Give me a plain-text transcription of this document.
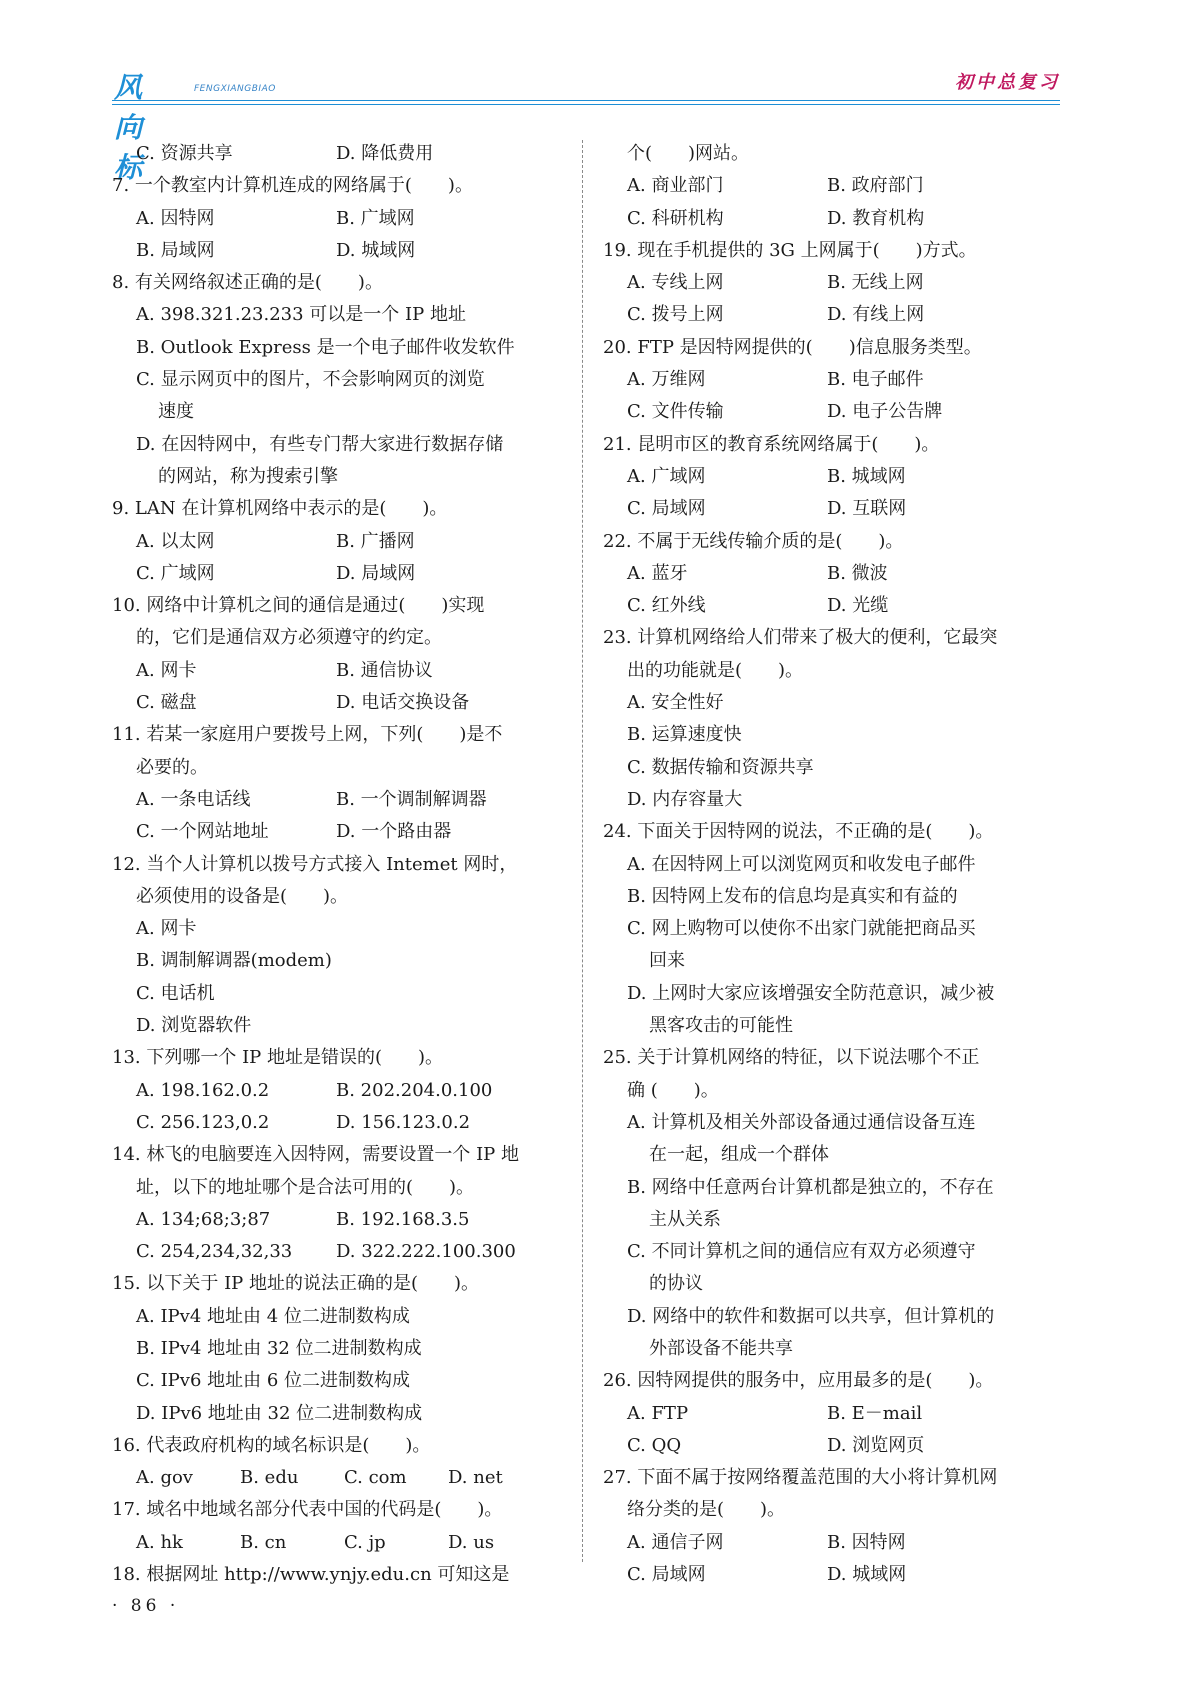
风向标
FENGXIANGBIAO	初中总复习
C. 资源共享	D. 降低费用
7. 一个教室内计算机连成的网络属于(　　)。
A. 因特网	B. 广域网
B. 局域网	D. 城域网
8. 有关网络叙述正确的是(　　)。
A. 398.321.23.233 可以是一个 IP 地址
B. Outlook Express 是一个电子邮件收发软件
C. 显示网页中的图片，不会影响网页的浏览
速度
D. 在因特网中，有些专门帮大家进行数据存储
的网站，称为搜索引擎
9. LAN 在计算机网络中表示的是(　　)。
A. 以太网	B. 广播网
C. 广域网	D. 局域网
10. 网络中计算机之间的通信是通过(　　)实现
的，它们是通信双方必须遵守的约定。
A. 网卡	B. 通信协议
C. 磁盘	D. 电话交换设备
11. 若某一家庭用户要拨号上网，下列(　　)是不
必要的。
A. 一条电话线	B. 一个调制解调器
C. 一个网站地址	D. 一个路由器
12. 当个人计算机以拨号方式接入 Intemet 网时，
必须使用的设备是(　　)。
A. 网卡
B. 调制解调器(modem)
C. 电话机
D. 浏览器软件
13. 下列哪一个 IP 地址是错误的(　　)。
A. 198.162.0.2	B. 202.204.0.100
C. 256.123,0.2	D. 156.123.0.2
14. 林飞的电脑要连入因特网，需要设置一个 IP 地
址，以下的地址哪个是合法可用的(　　)。
A. 134;68;3;87	B. 192.168.3.5
C. 254,234,32,33 D. 322.222.100.300
15. 以下关于 IP 地址的说法正确的是(　　)。
A. IPv4 地址由 4 位二进制数构成
B. IPv4 地址由 32 位二进制数构成
C. IPv6 地址由 6 位二进制数构成
D. IPv6 地址由 32 位二进制数构成
16. 代表政府机构的域名标识是(　　)。
A. gov	B. edu	C. com D. net
17. 域名中地域名部分代表中国的代码是(　　)。
A. hk	B. cn	C. jp	D. us
18. 根据网址 http://www.ynjy.edu.cn 可知这是
个(　　)网站。
A. 商业部门	B. 政府部门
C. 科研机构	D. 教育机构
19. 现在手机提供的 3G 上网属于(　　)方式。
A. 专线上网	B. 无线上网
C. 拨号上网	D. 有线上网
20. FTP 是因特网提供的(　　)信息服务类型。
A. 万维网	B. 电子邮件
C. 文件传输	D. 电子公告牌
21. 昆明市区的教育系统网络属于(　　)。
A. 广域网	B. 城域网
C. 局域网	D. 互联网
22. 不属于无线传输介质的是(　　)。
A. 蓝牙	B. 微波
C. 红外线	D. 光缆
23. 计算机网络给人们带来了极大的便利，它最突
出的功能就是(　　)。
A. 安全性好
B. 运算速度快
C. 数据传输和资源共享
D. 内存容量大
24. 下面关于因特网的说法，不正确的是(　　)。
A. 在因特网上可以浏览网页和收发电子邮件
B. 因特网上发布的信息均是真实和有益的
C. 网上购物可以使你不出家门就能把商品买
回来
D. 上网时大家应该增强安全防范意识，减少被
黑客攻击的可能性
25. 关于计算机网络的特征，以下说法哪个不正
确 (　　)。
A. 计算机及相关外部设备通过通信设备互连
在一起，组成一个群体
B. 网络中任意两台计算机都是独立的，不存在
主从关系
C. 不同计算机之间的通信应有双方必须遵守
的协议
D. 网络中的软件和数据可以共享，但计算机的
外部设备不能共享
26. 因特网提供的服务中，应用最多的是(　　)。
A. FTP	B. E－mail
C. QQ	D. 浏览网页
27. 下面不属于按网络覆盖范围的大小将计算机网
络分类的是(　　)。
A. 通信子网	B. 因特网
C. 局域网	D. 城域网
· 86 ·
